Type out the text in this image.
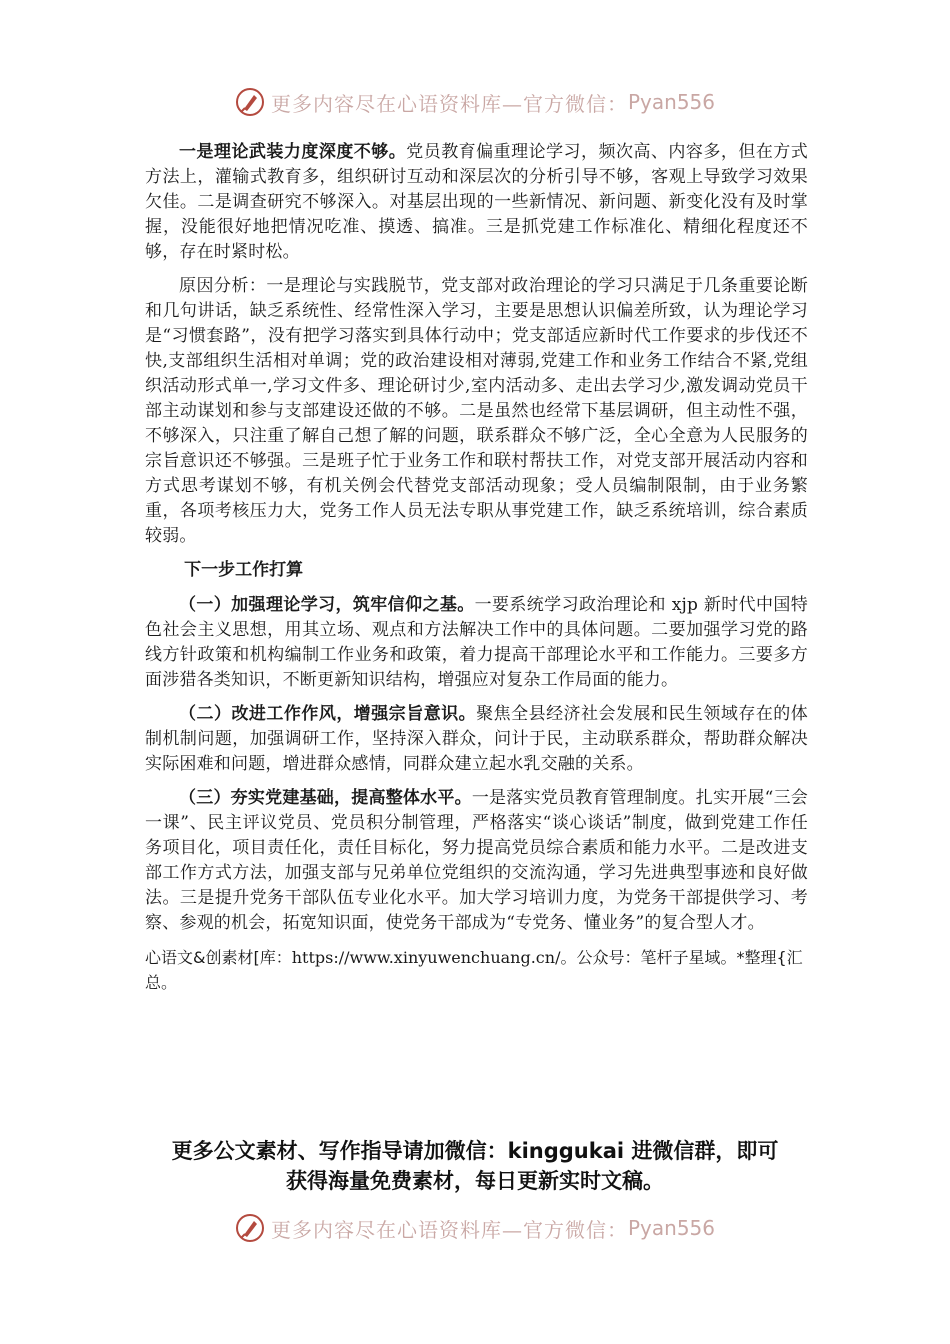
更多内容尽在心语资料库—官方微信： Pyan556

一是理论武装力度深度不够。党员教育偏重理论学习，频次高、内容多，但在方式方法上，灌输式教育多，组织研讨互动和深层次的分析引导不够，客观上导致学习效果欠佳。二是调查研究不够深入。对基层出现的一些新情况、新问题、新变化没有及时掌握，没能很好地把情况吃准、摸透、搞准。三是抓党建工作标准化、精细化程度还不够，存在时紧时松。

原因分析：一是理论与实践脱节，党支部对政治理论的学习只满足于几条重要论断和几句讲话，缺乏系统性、经常性深入学习，主要是思想认识偏差所致，认为理论学习是“习惯套路”，没有把学习落实到具体行动中；党支部适应新时代工作要求的步伐还不快,支部组织生活相对单调；党的政治建设相对薄弱,党建工作和业务工作结合不紧,党组织活动形式单一,学习文件多、理论研讨少,室内活动多、走出去学习少,激发调动党员干部主动谋划和参与支部建设还做的不够。二是虽然也经常下基层调研，但主动性不强，不够深入，只注重了解自己想了解的问题，联系群众不够广泛，全心全意为人民服务的宗旨意识还不够强。三是班子忙于业务工作和联村帮扶工作，对党支部开展活动内容和方式思考谋划不够，有机关例会代替党支部活动现象；受人员编制限制，由于业务繁重，各项考核压力大，党务工作人员无法专职从事党建工作，缺乏系统培训，综合素质较弱。

下一步工作打算

（一）加强理论学习，筑牢信仰之基。一要系统学习政治理论和 xjp 新时代中国特色社会主义思想，用其立场、观点和方法解决工作中的具体问题。二要加强学习党的路线方针政策和机构编制工作业务和政策，着力提高干部理论水平和工作能力。三要多方面涉猎各类知识，不断更新知识结构，增强应对复杂工作局面的能力。

（二）改进工作作风，增强宗旨意识。聚焦全县经济社会发展和民生领域存在的体制机制问题，加强调研工作，坚持深入群众，问计于民，主动联系群众，帮助群众解决实际困难和问题，增进群众感情，同群众建立起水乳交融的关系。

（三）夯实党建基础，提高整体水平。一是落实党员教育管理制度。扎实开展“三会一课”、民主评议党员、党员积分制管理，严格落实“谈心谈话”制度，做到党建工作任务项目化，项目责任化，责任目标化，努力提高党员综合素质和能力水平。二是改进支部工作方式方法，加强支部与兄弟单位党组织的交流沟通，学习先进典型事迹和良好做法。三是提升党务干部队伍专业化水平。加大学习培训力度，为党务干部提供学习、考察、参观的机会，拓宽知识面，使党务干部成为“专党务、懂业务”的复合型人才。

心语文&创素材[库：https://www.xinyuwenchuang.cn/。公众号：笔杆子星域。*整理{汇总。

更多公文素材、写作指导请加微信：kinggukai 进微信群，即可
获得海量免费素材，每日更新实时文稿。
更多内容尽在心语资料库—官方微信： Pyan556
